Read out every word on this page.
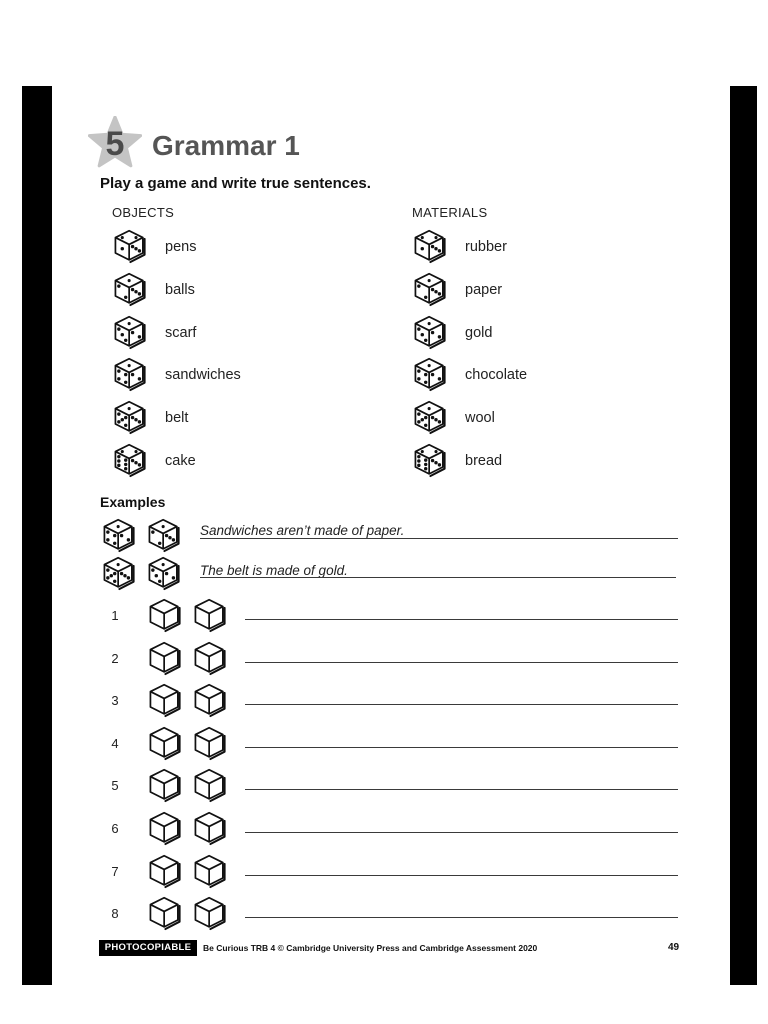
5 Grammar 1
Play a game and write true sentences.
OBJECTS	MATERIALS
pens
balls
scarf
sandwiches
belt
cake
rubber
paper
gold
chocolate
wool
bread
Examples
Sandwiches aren’t made of paper.
The belt is made of gold.
1
2
3
4
5
6
7
8
PHOTOCOPIABLE	Be Curious TRB 4 © Cambridge University Press and Cambridge Assessment 2020	49
